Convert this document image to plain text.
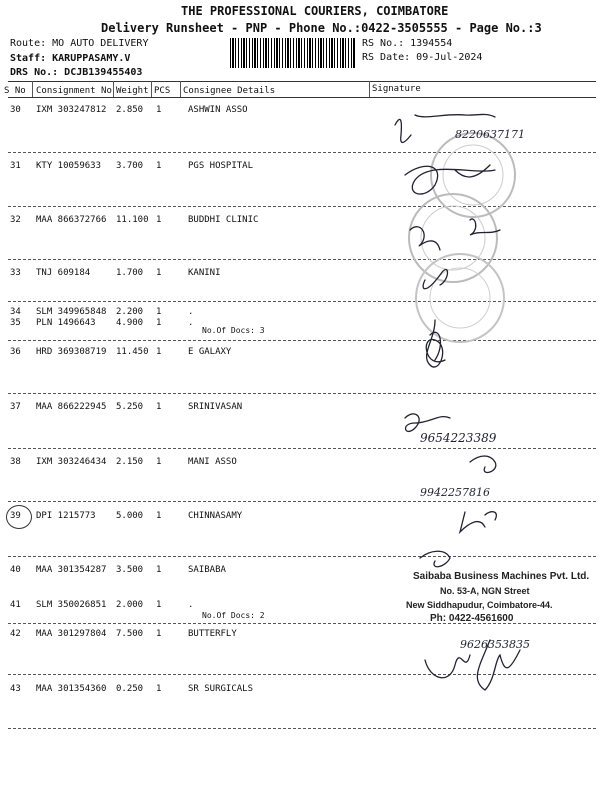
THE PROFESSIONAL COURIERS, COIMBATORE
Delivery Runsheet - PNP - Phone No.:0422-3505555 - Page No.:3
Route: MO AUTO DELIVERY
Staff: KARUPPASAMY.V
DRS No.: DCJB139455403
RS No.: 1394554
RS Date: 09-Jul-2024
S No Consignment No Weight PCS Consignee Details	Signature
30 IXM 303247812 2.850 1	ASHWIN ASSO
31 KTY 10059633 3.700 1	PGS HOSPITAL
32 MAA 866372766 11.100 1	BUDDHI CLINIC
33 TNJ 609184	1.700 1	KANINI
34 SLM 349965848 2.200 1	.
35 PLN 1496643 4.900 1	.
No.Of Docs: 3
36 HRD 369308719 11.450 1	E GALAXY
37 MAA 866222945 5.250 1	SRINIVASAN
38 IXM 303246434 2.150 1	MANI ASSO
39 DPI 1215773 5.000 1	CHINNASAMY
40 MAA 301354287 3.500 1	SAIBABA
41 SLM 350026851 2.000 1	.
No.Of Docs: 2
42 MAA 301297804 7.500 1	BUTTERFLY
43 MAA 301354360 0.250 1	SR SURGICALS
8220637171
9654223389
9942257816
9626353835
Saibaba Business Machines Pvt. Ltd.
No. 53-A, NGN Street
New Siddhapudur, Coimbatore-44.
Ph: 0422-4561600
